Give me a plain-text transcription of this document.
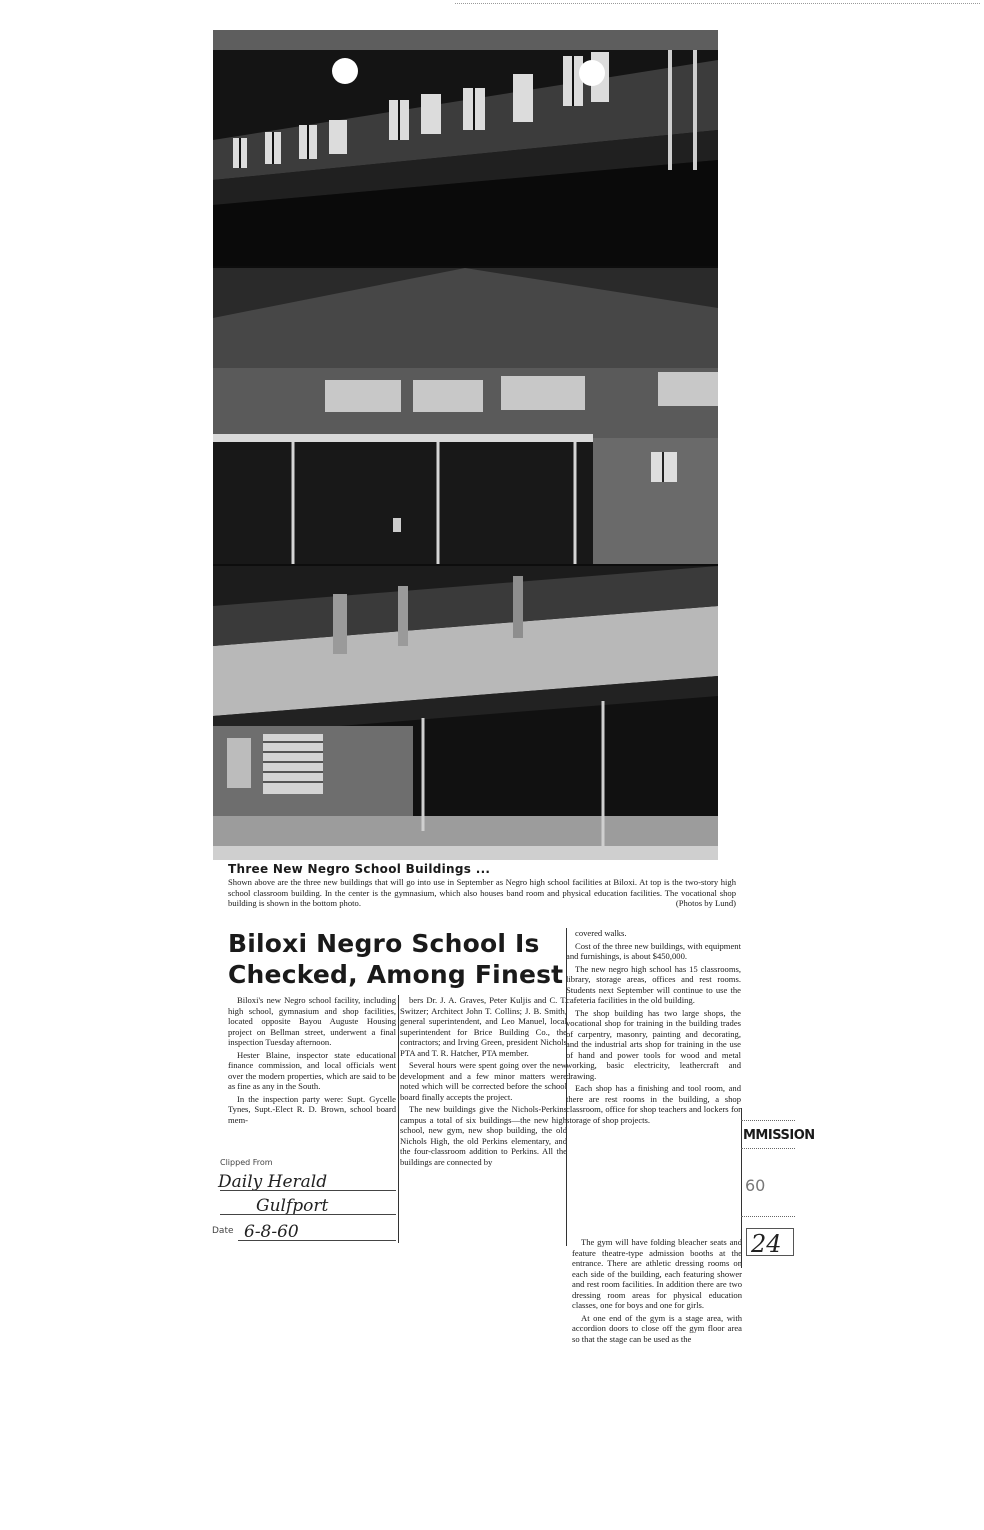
Three New Negro School Buildings ...
Shown above are the three new buildings that will go into use in September as Negro high school facilities at Biloxi. At top is the two-story high school classroom building. In the center is the gymnasium, which also houses band room and physical education facilities. The vocational shop building is shown in the bottom photo.	(Photos by Lund)
Biloxi Negro School Is
Checked, Among Finest

Biloxi's new Negro school facility, including high school, gymnasium and shop facilities, located opposite Bayou Auguste Housing project on Bellman street, underwent a final inspection Tuesday afternoon.

Hester Blaine, inspector state educational finance commission, and local officials went over the modern properties, which are said to be as fine as any in the South.

In the inspection party were: Supt. Gycelle Tynes, Supt.-Elect R. D. Brown, school board mem-

bers Dr. J. A. Graves, Peter Kuljis and C. T. Switzer; Architect John T. Collins; J. B. Smith, general superintendent, and Leo Manuel, local superintendent for Brice Building Co., the contractors; and Irving Green, president Nichols PTA and T. R. Hatcher, PTA member.

Several hours were spent going over the new development and a few minor matters were noted which will be corrected before the school board finally accepts the project.

The new buildings give the Nichols-Perkins campus a total of six buildings—the new high school, new gym, new shop building, the old Nichols High, the old Perkins elementary, and the four-classroom addition to Perkins. All the buildings are connected by

covered walks.

Cost of the three new buildings, with equipment and furnishings, is about $450,000.

The new negro high school has 15 classrooms, library, storage areas, offices and rest rooms. Students next September will continue to use the cafeteria facilities in the old building.

The shop building has two large shops, the vocational shop for training in the building trades of carpentry, masonry, painting and decorating, and the industrial arts shop for training in the use of hand and power tools for wood and metal working, basic electricity, leathercraft and drawing.

Each shop has a finishing and tool room, and there are rest rooms in the building, a shop classroom, office for shop teachers and lockers for storage of shop projects.

The gym will have folding bleacher seats and feature theatre-type admission booths at the entrance. There are athletic dressing rooms on each side of the building, each featuring shower and rest room facilities. In addition there are two dressing room areas for physical education classes, one for boys and one for girls.

At one end of the gym is a stage area, with accordion doors to close off the gym floor area so that the stage can be used as the

Clipped From
Daily Herald
Gulfport
Date 6-8-60
MMISSION
60
24
